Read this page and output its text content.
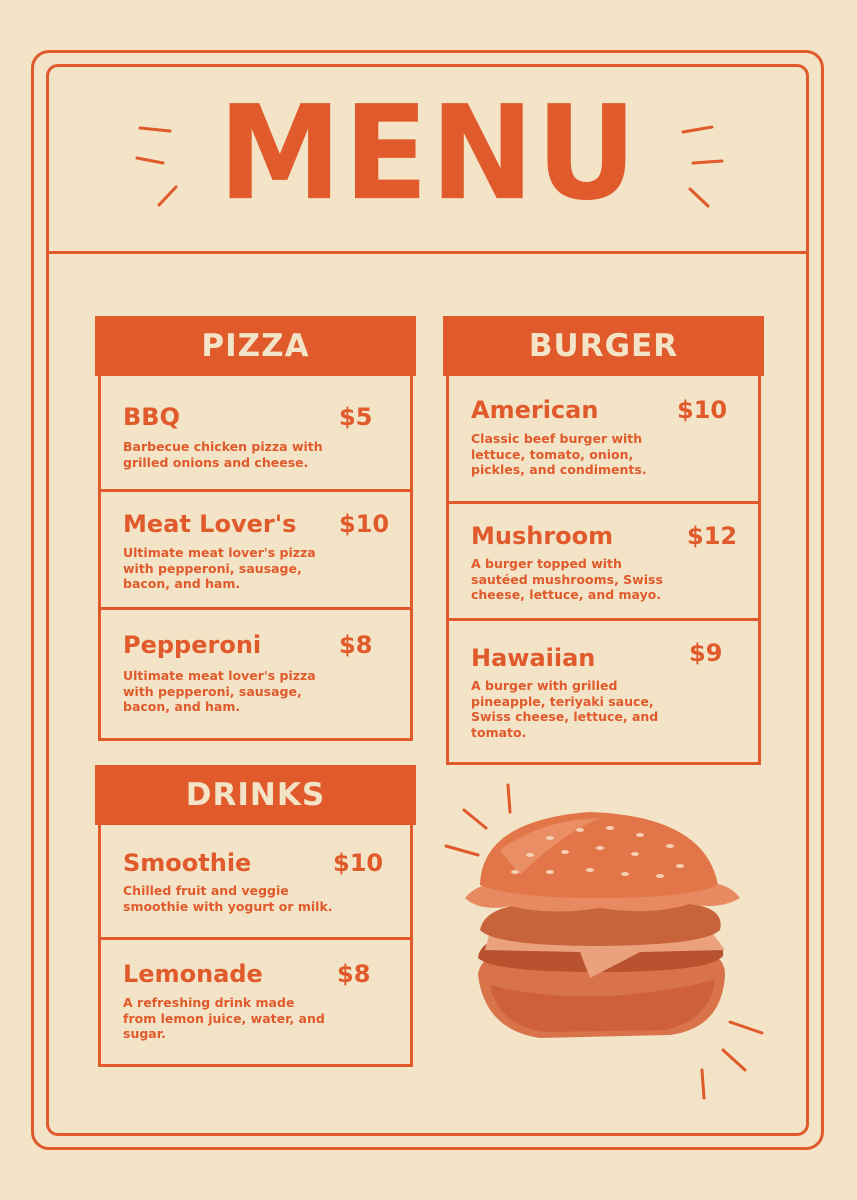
MENU
PIZZA
BBQ	$5
Barbecue chicken pizza with grilled onions and cheese.
Meat Lover's $10
Ultimate meat lover's pizza with pepperoni, sausage, bacon, and ham.
Pepperoni	$8
Ultimate meat lover's pizza with pepperoni, sausage, bacon, and ham.
BURGER
American	$10
Classic beef burger with lettuce, tomato, onion, pickles, and condiments.
Mushroom	$12
A burger topped with sautéed mushrooms, Swiss cheese, lettuce, and mayo.
Hawaiian	$9
A burger with grilled pineapple, teriyaki sauce, Swiss cheese, lettuce, and tomato.
DRINKS
Smoothie	$10
Chilled fruit and veggie smoothie with yogurt or milk.
Lemonade	$8
A refreshing drink made from lemon juice, water, and sugar.
